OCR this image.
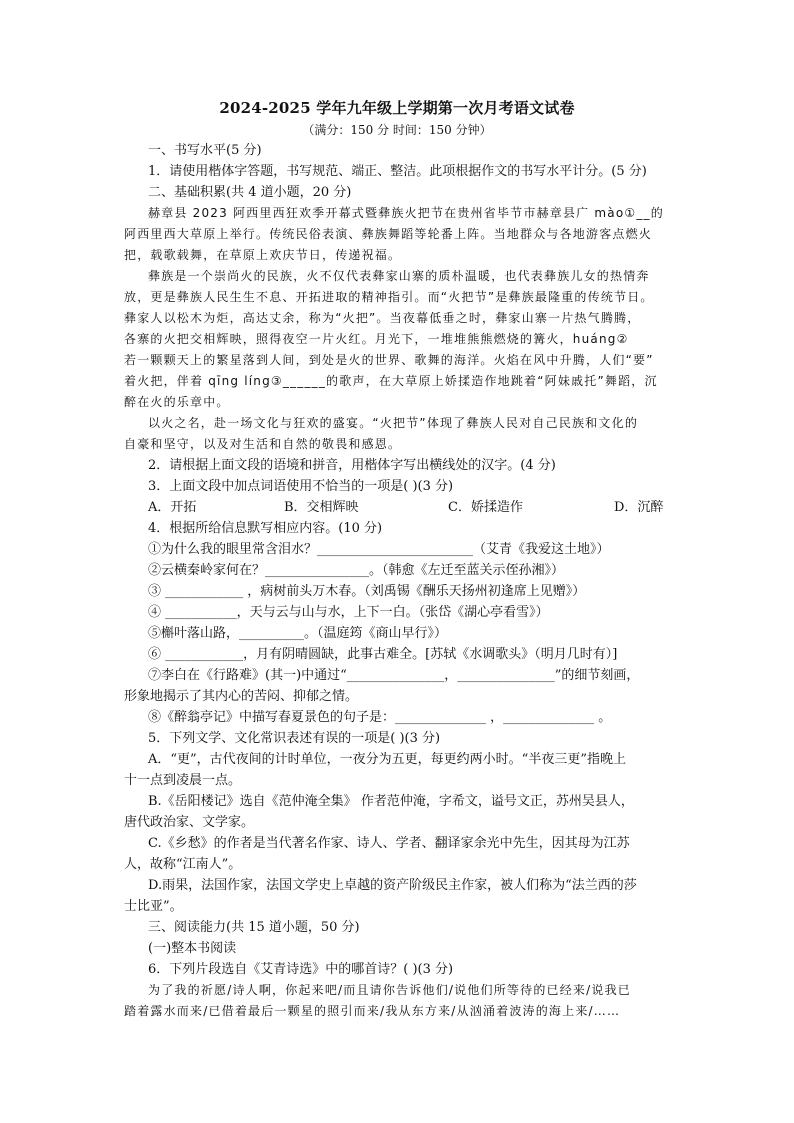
2024-2025 学年九年级上学期第一次月考语文试卷
（满分：150 分 时间：150 分钟）
一、书写水平(5 分)
1．请使用楷体字答题，书写规范、端正、整洁。此项根据作文的书写水平计分。(5 分)
二、基础积累(共 4 道小题，20 分)
赫章县 2023 阿西里西狂欢季开幕式暨彝族火把节在贵州省毕节市赫章县广 mào①__的
阿西里西大草原上举行。传统民俗表演、彝族舞蹈等轮番上阵。当地群众与各地游客点燃火
把，载歌载舞，在草原上欢庆节日，传递祝福。
彝族是一个崇尚火的民族，火不仅代表彝家山寨的质朴温暖，也代表彝族儿女的热情奔
放，更是彝族人民生生不息、开拓进取的精神指引。而“火把节”是彝族最隆重的传统节日。
彝家人以松木为炬，高达丈余，称为“火把”。当夜幕低垂之时，彝家山寨一片热气腾腾，
各寨的火把交相辉映，照得夜空一片火红。月光下，一堆堆熊熊燃烧的篝火，huáng②
若一颗颗天上的繁星落到人间，到处是火的世界、歌舞的海洋。火焰在风中升腾，人们“要”
着火把，伴着 qīng líng③______的歌声，在大草原上娇揉造作地跳着“阿妹戚托”舞蹈，沉
醉在火的乐章中。
以火之名，赴一场文化与狂欢的盛宴。“火把节”体现了彝族人民对自己民族和文化的
自豪和坚守，以及对生活和自然的敬畏和感恩。
2．请根据上面文段的语境和拼音，用楷体字写出横线处的汉字。(4 分)
3．上面文段中加点词语使用不恰当的一项是( )(3 分)
A．开拓	B．交相辉映	C．娇揉造作	D．沉醉
4．根据所给信息默写相应内容。(10 分)
①为什么我的眼里常含泪水？________________________（艾青《我爱这土地》）
②云横秦岭家何在？________________。（韩愈《左迁至蓝关示侄孙湘》）
③ ____________ ，病树前头万木春。（刘禹锡《酬乐天扬州初逢席上见赠》）
④ ___________，天与云与山与水，上下一白。（张岱《湖心亭看雪》）
⑤槲叶落山路，__________。（温庭筠《商山早行》）
⑥ ____________，月有阴晴圆缺，此事古难全。[苏轼《水调歌头》（明月几时有）]
⑦李白在《行路难》(其一)中通过“_______________，_______________”的细节刻画，
形象地揭示了其内心的苦闷、抑郁之情。
⑧《醉翁亭记》中描写春夏景色的句子是：______________ ，______________ 。
5．下列文学、文化常识表述有误的一项是( )(3 分)
A．“更”，古代夜间的计时单位，一夜分为五更，每更约两小时。“半夜三更”指晚上
十一点到凌晨一点。
B.《岳阳楼记》选自《范仲淹全集》 作者范仲淹，字希文，谥号文正，苏州吴县人，
唐代政治家、文学家。
C.《乡愁》的作者是当代著名作家、诗人、学者、翻译家余光中先生，因其母为江苏
人，故称“江南人”。
D.雨果，法国作家，法国文学史上卓越的资产阶级民主作家，被人们称为“法兰西的莎
士比亚”。
三、阅读能力(共 15 道小题，50 分)
(一)整本书阅读
6．下列片段选自《艾青诗选》中的哪首诗？( )(3 分)
为了我的祈愿/诗人啊，你起来吧/而且请你告诉他们/说他们所等待的已经来/说我已
踏着露水而来/已借着最后一颗星的照引而来/我从东方来/从汹涌着波涛的海上来/……
